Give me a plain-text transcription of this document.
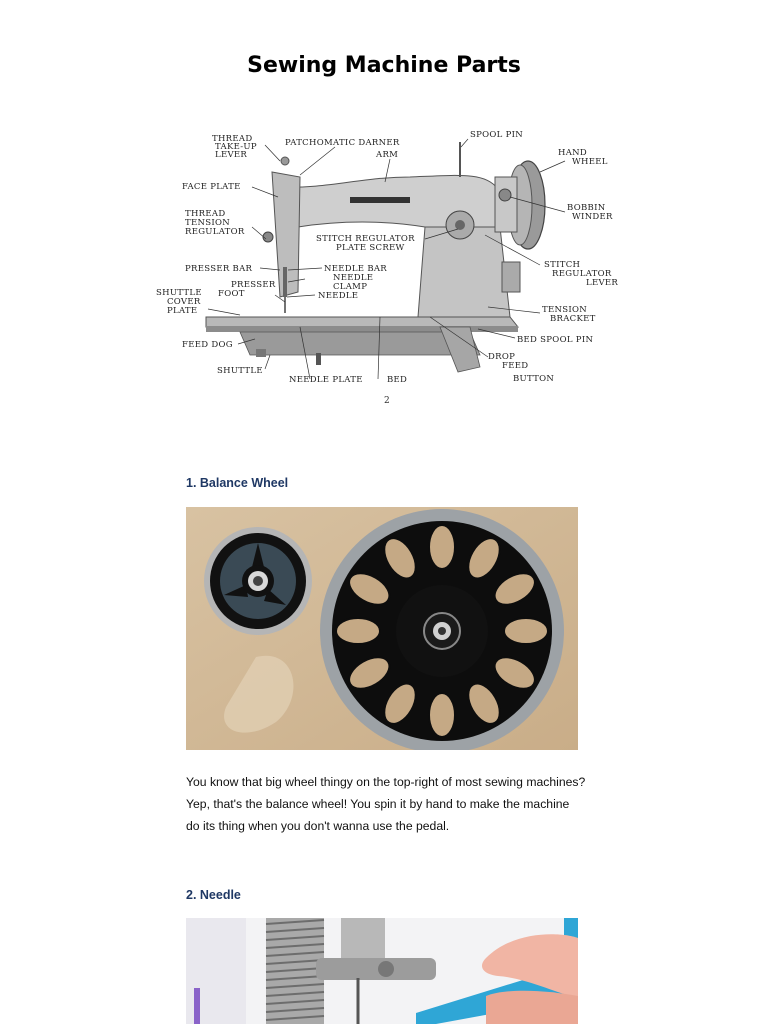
Sewing Machine Parts
THREAD
TAKE-UP
LEVER
PATCHOMATIC DARNER
ARM
SPOOL PIN
HAND
WHEEL
FACE PLATE
BOBBIN
WINDER
THREAD
TENSION
REGULATOR
STITCH REGULATOR
PLATE SCREW
STITCH
REGULATOR
LEVER
PRESSER BAR	NEEDLE BAR
NEEDLE
CLAMP
PRESSER
FOOT	NEEDLE
SHUTTLE
COVER
PLATE	TENSION
BRACKET
FEED DOG	BED SPOOL PIN
DROP
FEED
BUTTON
SHUTTLE
NEEDLE PLATE	BED
2
1. Balance Wheel
You know that big wheel thingy on the top-right of most sewing machines? Yep, that's the balance wheel! You spin it by hand to make the machine do its thing when you don't wanna use the pedal.
2. Needle
